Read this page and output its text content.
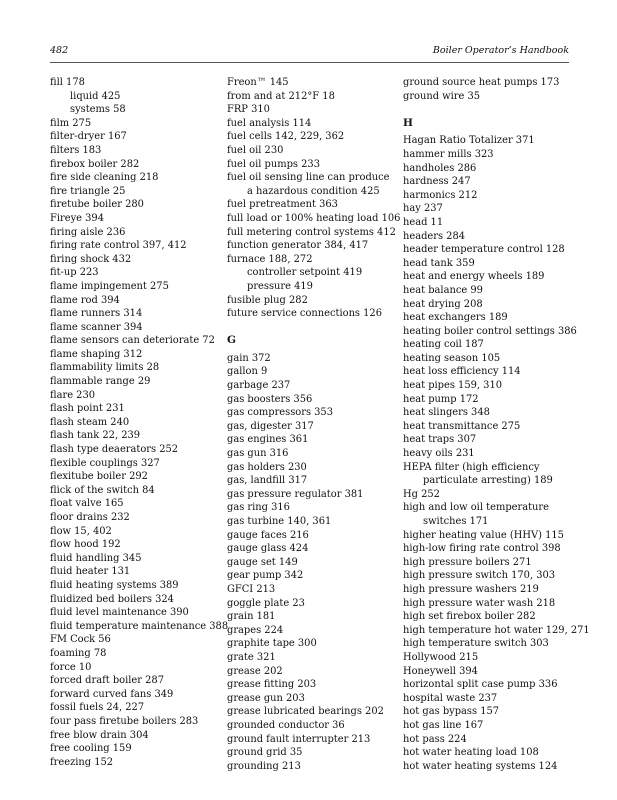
482	Boiler Operator’s Handbook
fill 178
liquid 425
systems 58
film 275
filter-dryer 167
filters 183
firebox boiler 282
fire side cleaning 218
fire triangle 25
firetube boiler 280
Fireye 394
firing aisle 236
firing rate control 397, 412
firing shock 432
fit-up 223
flame impingement 275
flame rod 394
flame runners 314
flame scanner 394
flame sensors can deteriorate 72
flame shaping 312
flammability limits 28
flammable range 29
flare 230
flash point 231
flash steam 240
flash tank 22, 239
flash type deaerators 252
flexible couplings 327
flexitube boiler 292
flick of the switch 84
float valve 165
floor drains 232
flow 15, 402
flow hood 192
fluid handling 345
fluid heater 131
fluid heating systems 389
fluidized bed boilers 324
fluid level maintenance 390
fluid temperature maintenance 388
FM Cock 56
foaming 78
force 10
forced draft boiler 287
forward curved fans 349
fossil fuels 24, 227
four pass firetube boilers 283
free blow drain 304
free cooling 159
freezing 152
Freon™ 145
from and at 212°F 18
FRP 310
fuel analysis 114
fuel cells 142, 229, 362
fuel oil 230
fuel oil pumps 233
fuel oil sensing line can produce a hazardous condition 425
fuel pretreatment 363
full load or 100% heating load 106
full metering control systems 412
function generator 384, 417
furnace 188, 272
controller setpoint 419
pressure 419
fusible plug 282
future service connections 126
G
gain 372
gallon 9
garbage 237
gas boosters 356
gas compressors 353
gas, digester 317
gas engines 361
gas gun 316
gas holders 230
gas, landfill 317
gas pressure regulator 381
gas ring 316
gas turbine 140, 361
gauge faces 216
gauge glass 424
gauge set 149
gear pump 342
GFCI 213
goggle plate 23
grain 181
grapes 224
graphite tape 300
grate 321
grease 202
grease fitting 203
grease gun 203
grease lubricated bearings 202
grounded conductor 36
ground fault interrupter 213
ground grid 35
grounding 213
ground source heat pumps 173
ground wire 35
H
Hagan Ratio Totalizer 371
hammer mills 323
handholes 286
hardness 247
harmonics 212
hay 237
head 11
headers 284
header temperature control 128
head tank 359
heat and energy wheels 189
heat balance 99
heat drying 208
heat exchangers 189
heating boiler control settings 386
heating coil 187
heating season 105
heat loss efficiency 114
heat pipes 159, 310
heat pump 172
heat slingers 348
heat transmittance 275
heat traps 307
heavy oils 231
HEPA filter (high efficiency particulate arresting) 189
Hg 252
high and low oil temperature switches 171
higher heating value (HHV) 115
high-low firing rate control 398
high pressure boilers 271
high pressure switch 170, 303
high pressure washers 219
high pressure water wash 218
high set firebox boiler 282
high temperature hot water 129, 271
high temperature switch 303
Hollywood 215
Honeywell 394
horizontal split case pump 336
hospital waste 237
hot gas bypass 157
hot gas line 167
hot pass 224
hot water heating load 108
hot water heating systems 124
